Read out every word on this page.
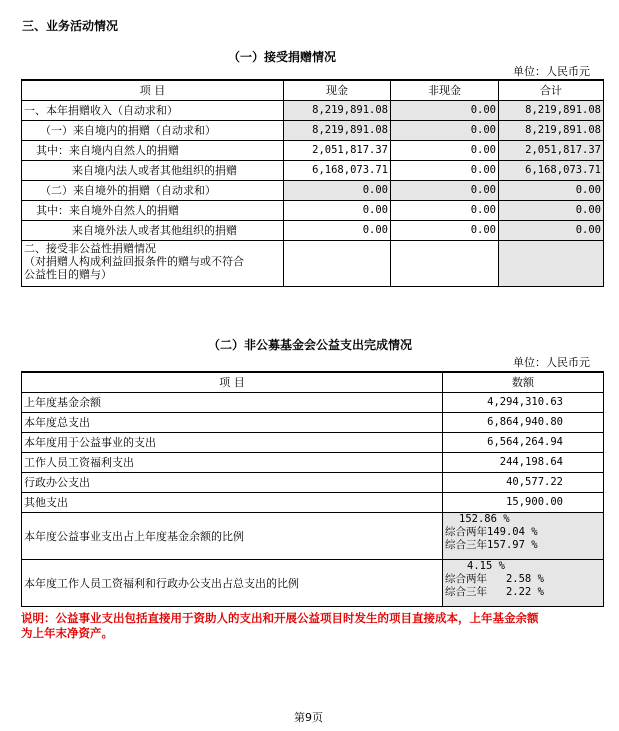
三、业务活动情况
（一）接受捐赠情况
单位：人民币元
项 目	现金	非现金	合计
一、本年捐赠收入（自动求和）	8,219,891.08	0.00	8,219,891.08
（一）来自境内的捐赠（自动求和）	8,219,891.08	0.00	8,219,891.08
其中：来自境内自然人的捐赠	2,051,817.37	0.00	2,051,817.37
来自境内法人或者其他组织的捐赠	6,168,073.71	0.00	6,168,073.71
（二）来自境外的捐赠（自动求和）	0.00	0.00	0.00
其中：来自境外自然人的捐赠	0.00	0.00	0.00
来自境外法人或者其他组织的捐赠	0.00	0.00	0.00

二、接受非公益性捐赠情况
（对捐赠人构成利益回报条件的赠与或不符合
公益性目的赠与）			

（二）非公募基金会公益支出完成情况
单位：人民币元
项 目	数额
上年度基金余额	4,294,310.63
本年度总支出	6,864,940.80
本年度用于公益事业的支出	6,564,264.94
工作人员工资福利支出	244,198.64
行政办公支出	40,577.22
其他支出	15,900.00
本年度公益事业支出占上年度基金余额的比例	152.86 %
综合两年149.04 %
综合三年157.97 %

本年度工作人员工资福利和行政办公支出占总支出的比例	4.15 %
综合两年   2.58 %
综合三年   2.22 %
说明：公益事业支出包括直接用于资助人的支出和开展公益项目时发生的项目直接成本，上年基金余额
为上年末净资产。
第9页
